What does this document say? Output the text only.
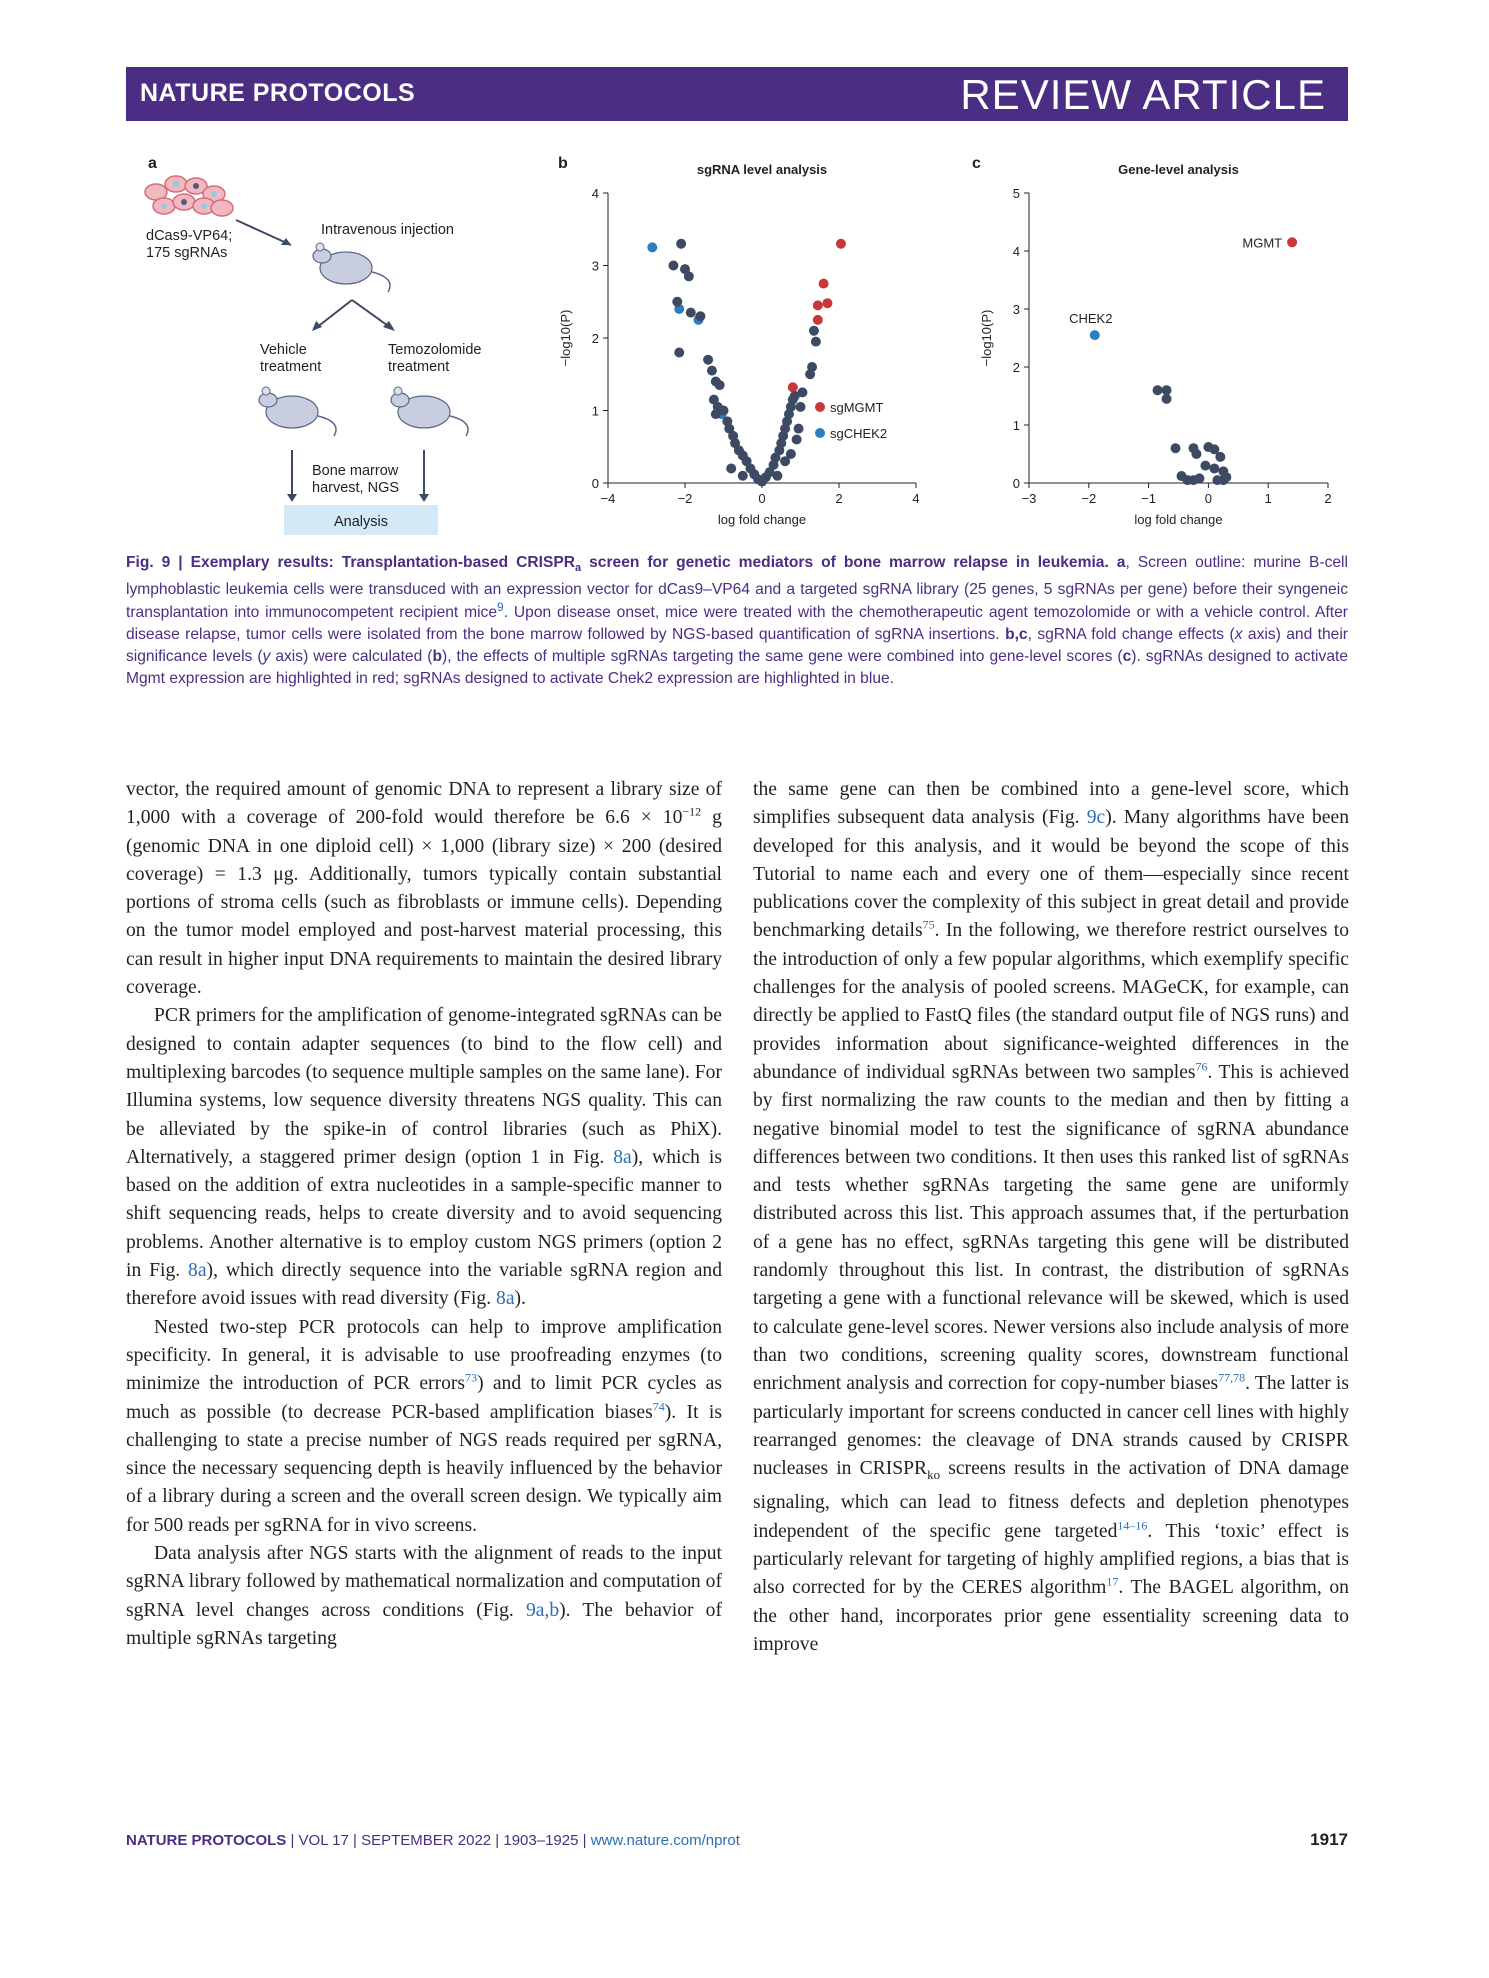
NATURE PROTOCOLS	REVIEW ARTICLE
a
dCas9-VP64;
175 sgRNAs
Intravenous injection
Vehicle
treatment
Temozolomide
treatment
Bone marrow
harvest, NGS
Analysis
b
−4	−2	0	2	4
0
1
2
3
4
sgRNA level analysis
log fold change
−log10(P)
sgMGMT
sgCHEK2
c
−3	−2	−1	0	1	2
0
1
2
3
4
5
Gene-level analysis
log fold change
−log10(P)
MGMT
CHEK2
Fig. 9 | Exemplary results: Transplantation-based $CRISPR_a$ screen for genetic mediators of bone marrow relapse in leukemia. a, Screen outline: murine B-cell lymphoblastic leukemia cells were transduced with an expression vector for dCas9–VP64 and a targeted sgRNA library (25 genes, 5 sgRNAs per gene) before their syngeneic transplantation into immunocompetent recipient mice$^9$. Upon disease onset, mice were treated with the chemotherapeutic agent temozolomide or with a vehicle control. After disease relapse, tumor cells were isolated from the bone marrow followed by NGS-based quantification of sgRNA insertions. b,c, sgRNA fold change effects (x axis) and their significance levels (y axis) were calculated (b), the effects of multiple sgRNAs targeting the same gene were combined into gene-level scores (c). sgRNAs designed to activate Mgmt expression are highlighted in red; sgRNAs designed to activate Chek2 expression are highlighted in blue.

vector, the required amount of genomic DNA to represent a library size of 1,000 with a coverage of 200-fold would therefore be $6.6 \times 10^{-12}$ g (genomic DNA in one diploid cell) × 1,000 (library size) × 200 (desired coverage) = 1.3 μg. Additionally, tumors typically contain substantial portions of stroma cells (such as fibroblasts or immune cells). Depending on the tumor model employed and post-harvest material processing, this can result in higher input DNA requirements to maintain the desired library coverage.

PCR primers for the amplification of genome-integrated sgRNAs can be designed to contain adapter sequences (to bind to the flow cell) and multiplexing barcodes (to sequence multiple samples on the same lane). For Illumina systems, low sequence diversity threatens NGS quality. This can be alleviated by the spike-in of control libraries (such as PhiX). Alternatively, a staggered primer design (option 1 in Fig. 8a), which is based on the addition of extra nucleotides in a sample-specific manner to shift sequencing reads, helps to create diversity and to avoid sequencing problems. Another alternative is to employ custom NGS primers (option 2 in Fig. 8a), which directly sequence into the variable sgRNA region and therefore avoid issues with read diversity (Fig. 8a).

Nested two-step PCR protocols can help to improve amplification specificity. In general, it is advisable to use proofreading enzymes (to minimize the introduction of PCR errors$^{73}$) and to limit PCR cycles as much as possible (to decrease PCR-based amplification biases$^{74}$). It is challenging to state a precise number of NGS reads required per sgRNA, since the necessary sequencing depth is heavily influenced by the behavior of a library during a screen and the overall screen design. We typically aim for 500 reads per sgRNA for in vivo screens.

Data analysis after NGS starts with the alignment of reads to the input sgRNA library followed by mathematical normalization and computation of sgRNA level changes across conditions (Fig. 9a,b). The behavior of multiple sgRNAs targeting

the same gene can then be combined into a gene-level score, which simplifies subsequent data analysis (Fig. 9c). Many algorithms have been developed for this analysis, and it would be beyond the scope of this Tutorial to name each and every one of them—especially since recent publications cover the complexity of this subject in great detail and provide benchmarking details$^{75}$. In the following, we therefore restrict ourselves to the introduction of only a few popular algorithms, which exemplify specific challenges for the analysis of pooled screens. MAGeCK, for example, can directly be applied to FastQ files (the standard output file of NGS runs) and provides information about significance-weighted differences in the abundance of individual sgRNAs between two samples$^{76}$. This is achieved by first normalizing the raw counts to the median and then by fitting a negative binomial model to test the significance of sgRNA abundance differences between two conditions. It then uses this ranked list of sgRNAs and tests whether sgRNAs targeting the same gene are uniformly distributed across this list. This approach assumes that, if the perturbation of a gene has no effect, sgRNAs targeting this gene will be distributed randomly throughout this list. In contrast, the distribution of sgRNAs targeting a gene with a functional relevance will be skewed, which is used to calculate gene-level scores. Newer versions also include analysis of more than two conditions, screening quality scores, downstream functional enrichment analysis and correction for copy-number biases$^{77,78}$. The latter is particularly important for screens conducted in cancer cell lines with highly rearranged genomes: the cleavage of DNA strands caused by CRISPR nucleases in $CRISPR_{ko}$ screens results in the activation of DNA damage signaling, which can lead to fitness defects and depletion phenotypes independent of the specific gene targeted$^{14-16}$. This ‘toxic’ effect is particularly relevant for targeting of highly amplified regions, a bias that is also corrected for by the CERES algorithm$^{17}$. The BAGEL algorithm, on the other hand, incorporates prior gene essentiality screening data to improve

NATURE PROTOCOLS | VOL 17 | SEPTEMBER 2022 | 1903–1925 | www.nature.com/nprot	1917
